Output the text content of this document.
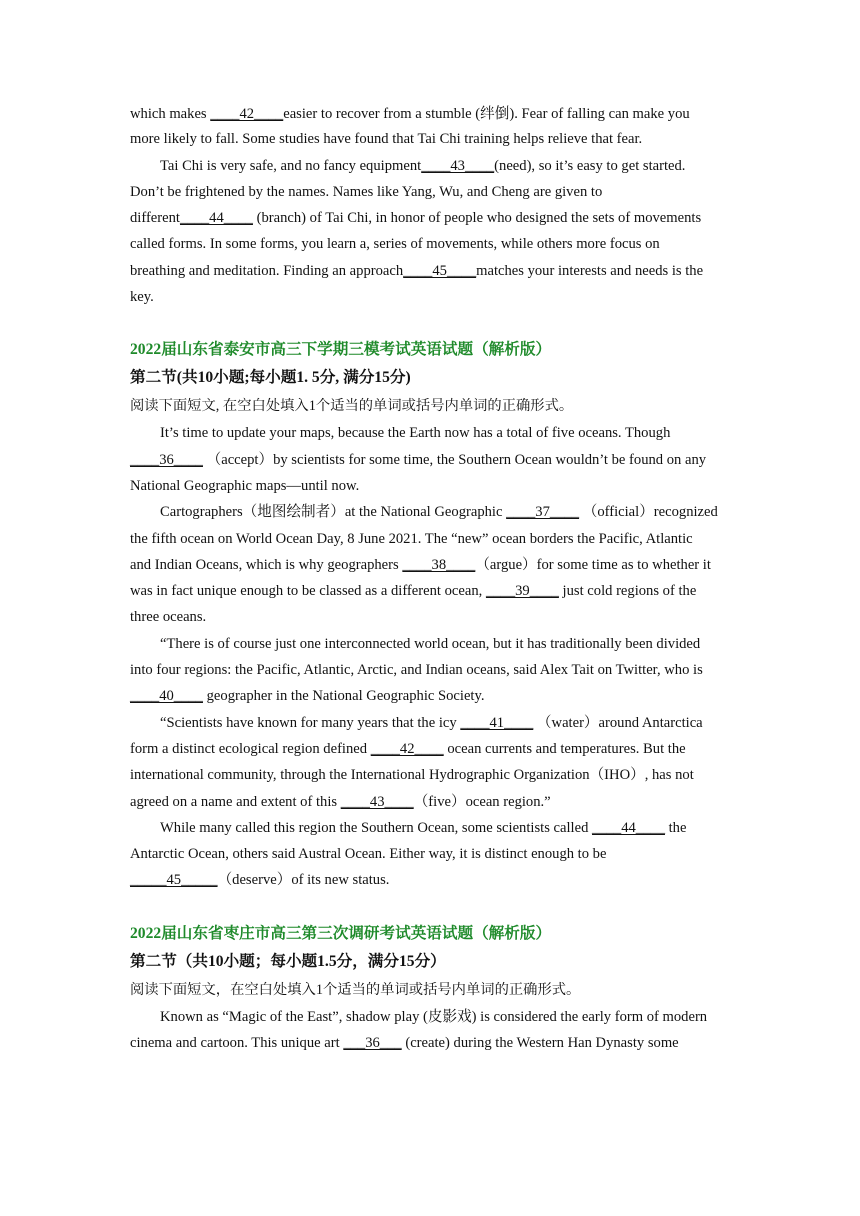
which makes ____42____easier to recover from a stumble (绊倒). Fear of falling can make you
more likely to fall. Some studies have found that Tai Chi training helps relieve that fear.
Tai Chi is very safe, and no fancy equipment____43____(need), so it’s easy to get started.
Don’t be frightened by the names. Names like Yang, Wu, and Cheng are given to
different____44____ (branch) of Tai Chi, in honor of people who designed the sets of movements
called forms. In some forms, you learn a, series of movements, while others more focus on
breathing and meditation. Finding an approach____45____matches your interests and needs is the
key.
2022届山东省泰安市高三下学期三模考试英语试题（解析版）
第二节(共10小题;每小题1. 5分, 满分15分)
阅读下面短文, 在空白处填入1个适当的单词或括号内单词的正确形式。
It’s time to update your maps, because the Earth now has a total of five oceans. Though
____36____ （accept）by scientists for some time, the Southern Ocean wouldn’t be found on any
National Geographic maps—until now.
Cartographers（地图绘制者）at the National Geographic ____37____ （official）recognized
the fifth ocean on World Ocean Day, 8 June 2021. The “new” ocean borders the Pacific, Atlantic
and Indian Oceans, which is why geographers ____38____（argue）for some time as to whether it
was in fact unique enough to be classed as a different ocean, ____39____ just cold regions of the
three oceans.
“There is of course just one interconnected world ocean, but it has traditionally been divided
into four regions: the Pacific, Atlantic, Arctic, and Indian oceans, said Alex Tait on Twitter, who is
____40____ geographer in the National Geographic Society.
“Scientists have known for many years that the icy ____41____ （water）around Antarctica
form a distinct ecological region defined ____42____ ocean currents and temperatures. But the
international community, through the International Hydrographic Organization（IHO）, has not
agreed on a name and extent of this ____43____（five）ocean region.”
While many called this region the Southern Ocean, some scientists called ____44____ the
Antarctic Ocean, others said Austral Ocean. Either way, it is distinct enough to be
_____45_____（deserve）of its new status.
2022届山东省枣庄市高三第三次调研考试英语试题（解析版）
第二节（共10小题；每小题1.5分，满分15分）
阅读下面短文，在空白处填入1个适当的单词或括号内单词的正确形式。
Known as “Magic of the East”, shadow play (皮影戏) is considered the early form of modern
cinema and cartoon. This unique art ___36___ (create) during the Western Han Dynasty some
